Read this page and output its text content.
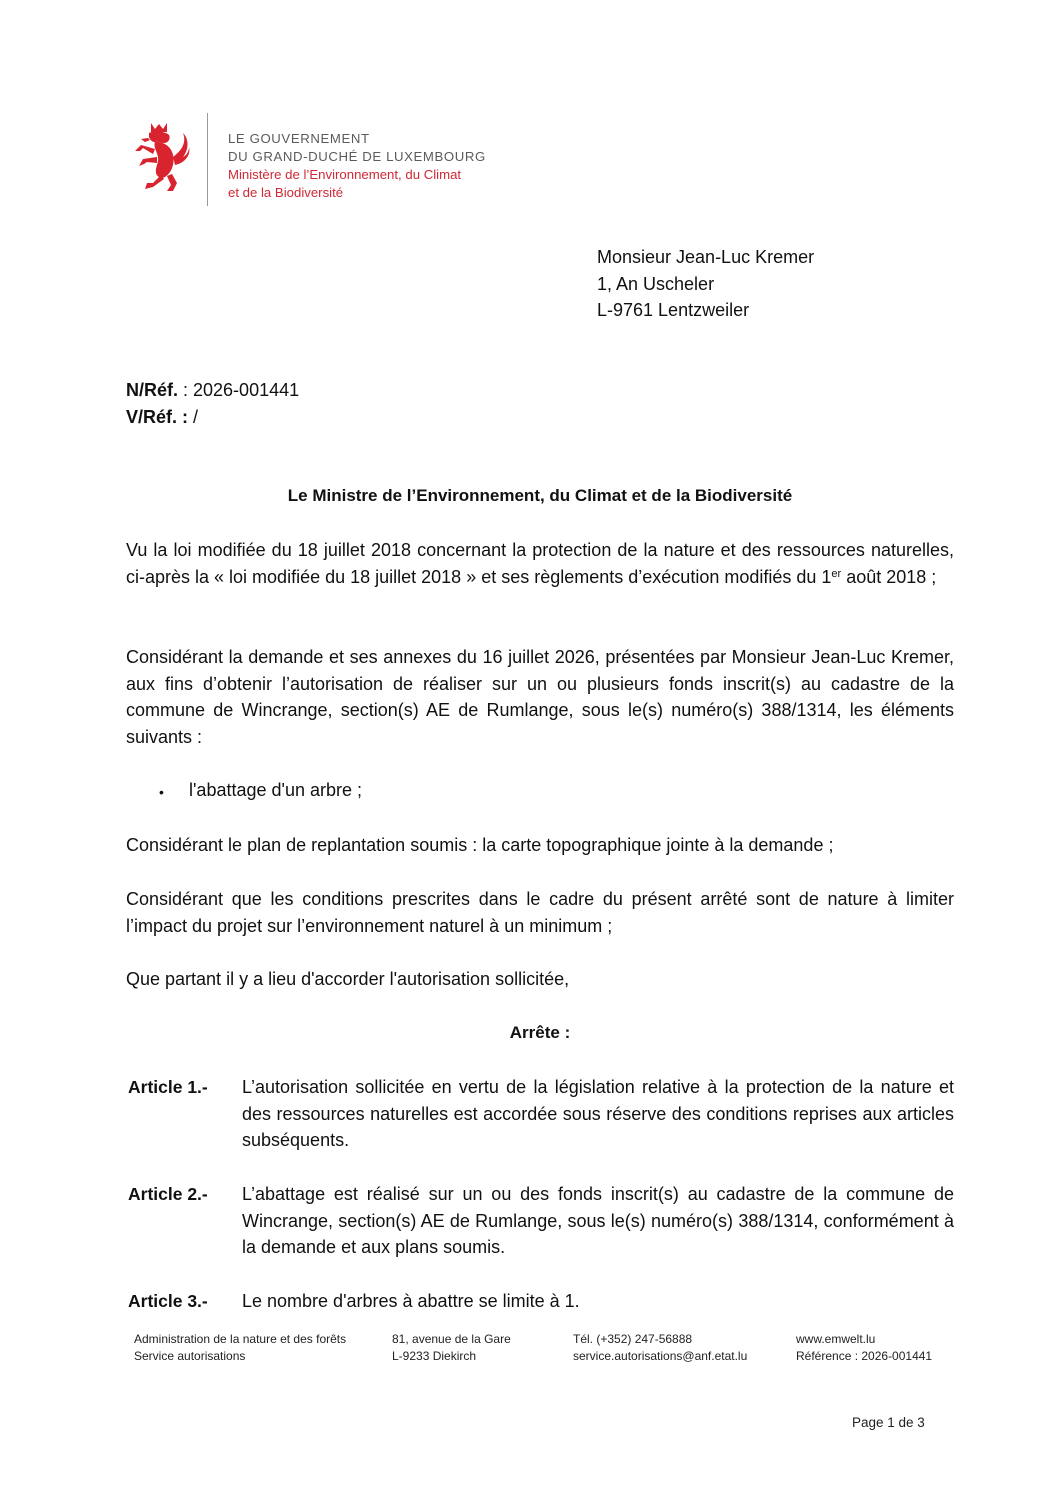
LE GOUVERNEMENT
DU GRAND-DUCHÉ DE LUXEMBOURG
Ministère de l’Environnement, du Climat
et de la Biodiversité
Monsieur Jean-Luc Kremer
1, An Uscheler
L-9761 Lentzweiler
N/Réf. : 2026-001441
V/Réf. : /
Le Ministre de l’Environnement, du Climat et de la Biodiversité
Vu la loi modifiée du 18 juillet 2018 concernant la protection de la nature et des ressources naturelles, ci-après la « loi modifiée du 18 juillet 2018 » et ses règlements d’exécution modifiés du 1er août 2018 ;
Considérant la demande et ses annexes du 16 juillet 2026, présentées par Monsieur Jean-Luc Kremer, aux fins d’obtenir l’autorisation de réaliser sur un ou plusieurs fonds inscrit(s) au cadastre de la commune de Wincrange, section(s) AE de Rumlange, sous le(s) numéro(s) 388/1314, les éléments suivants :
• l'abattage d'un arbre ;
Considérant le plan de replantation soumis : la carte topographique jointe à la demande ;
Considérant que les conditions prescrites dans le cadre du présent arrêté sont de nature à limiter l’impact du projet sur l’environnement naturel à un minimum ;
Que partant il y a lieu d'accorder l'autorisation sollicitée,
Arrête :
Article 1.- L’autorisation sollicitée en vertu de la législation relative à la protection de la nature et des ressources naturelles est accordée sous réserve des conditions reprises aux articles subséquents.
Article 2.- L’abattage est réalisé sur un ou des fonds inscrit(s) au cadastre de la commune de Wincrange, section(s) AE de Rumlange, sous le(s) numéro(s) 388/1314, conformément à la demande et aux plans soumis.
Article 3.- Le nombre d'arbres à abattre se limite à 1.
Administration de la nature et des forêts
Service autorisations
81, avenue de la Gare
L-9233 Diekirch
Tél. (+352) 247-56888
service.autorisations@anf.etat.lu
www.emwelt.lu
Référence : 2026-001441
Page 1 de 3
